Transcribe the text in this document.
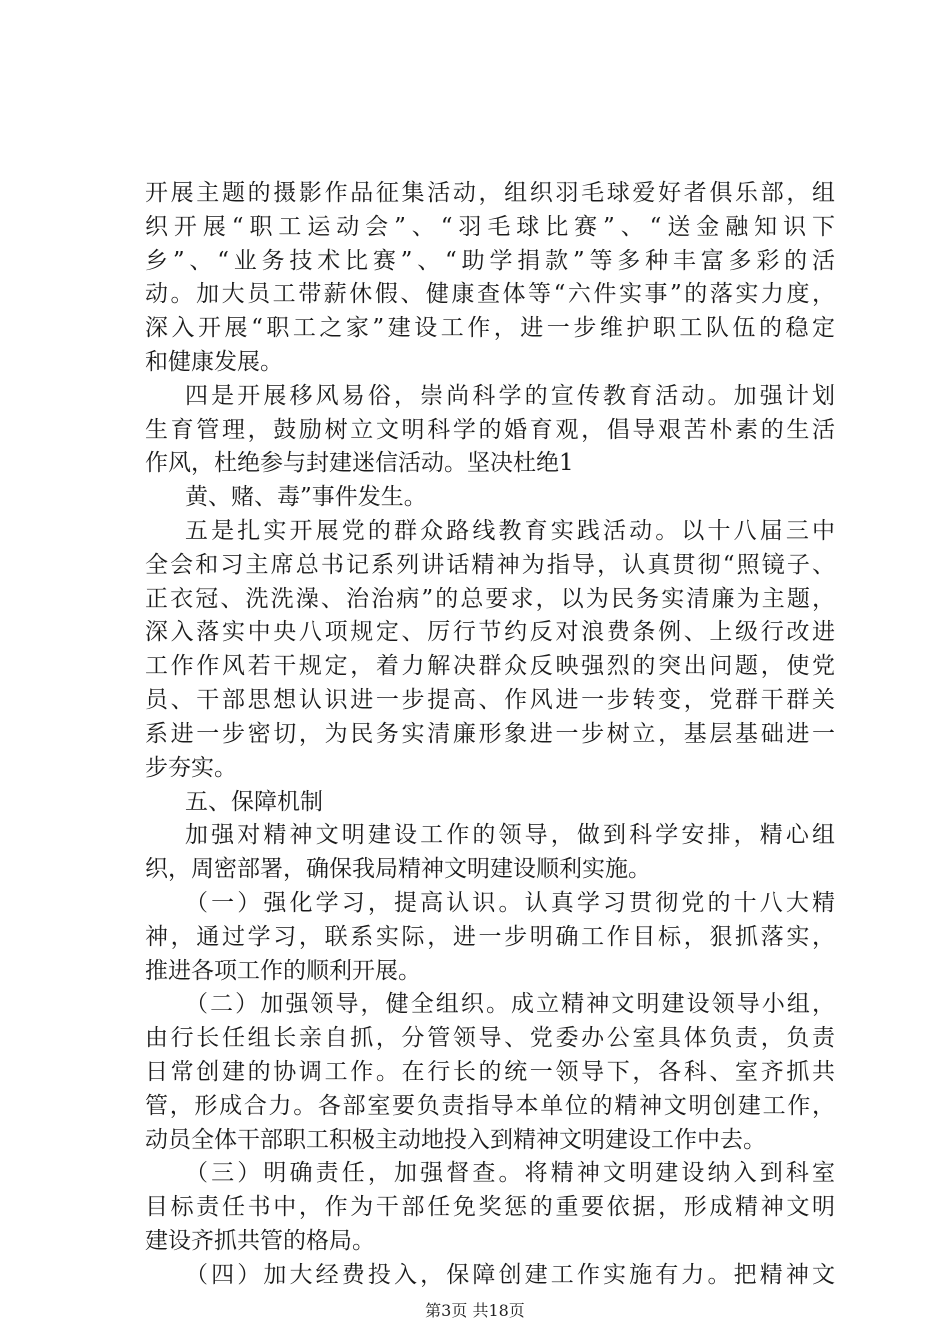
开展主题的摄影作品征集活动，组织羽毛球爱好者俱乐部，组
织开展“职工运动会”、“羽毛球比赛”、“送金融知识下
乡”、“业务技术比赛”、“助学捐款”等多种丰富多彩的活
动。加大员工带薪休假、健康查体等“六件实事”的落实力度，
深入开展“职工之家”建设工作，进一步维护职工队伍的稳定
和健康发展。
四是开展移风易俗，崇尚科学的宣传教育活动。加强计划
生育管理，鼓励树立文明科学的婚育观，倡导艰苦朴素的生活
作风，杜绝参与封建迷信活动。坚决杜绝1
黄、赌、毒”事件发生。
五是扎实开展党的群众路线教育实践活动。以十八届三中
全会和习主席总书记系列讲话精神为指导，认真贯彻“照镜子、
正衣冠、洗洗澡、治治病”的总要求，以为民务实清廉为主题，
深入落实中央八项规定、厉行节约反对浪费条例、上级行改进
工作作风若干规定，着力解决群众反映强烈的突出问题，使党
员、干部思想认识进一步提高、作风进一步转变，党群干群关
系进一步密切，为民务实清廉形象进一步树立，基层基础进一
步夯实。
五、保障机制
加强对精神文明建设工作的领导，做到科学安排，精心组
织，周密部署，确保我局精神文明建设顺利实施。
（一）强化学习，提高认识。认真学习贯彻党的十八大精
神，通过学习，联系实际，进一步明确工作目标，狠抓落实，
推进各项工作的顺利开展。
（二）加强领导，健全组织。成立精神文明建设领导小组，
由行长任组长亲自抓，分管领导、党委办公室具体负责，负责
日常创建的协调工作。在行长的统一领导下，各科、室齐抓共
管，形成合力。各部室要负责指导本单位的精神文明创建工作，
动员全体干部职工积极主动地投入到精神文明建设工作中去。
（三）明确责任，加强督查。将精神文明建设纳入到科室
目标责任书中，作为干部任免奖惩的重要依据，形成精神文明
建设齐抓共管的格局。
（四）加大经费投入，保障创建工作实施有力。把精神文
第3页 共18页
